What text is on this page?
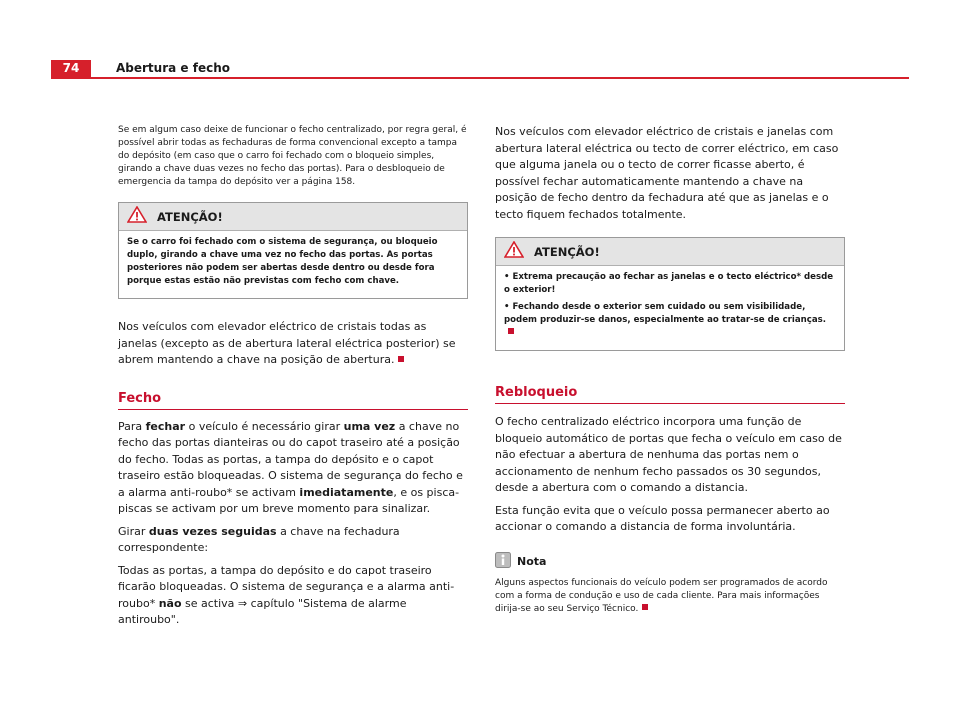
74	Abertura e fecho

Se em algum caso deixe de funcionar o fecho centralizado, por regra geral, é possível abrir todas as fechaduras de forma convencional excepto a tampa do depósito (em caso que o carro foi fechado com o bloqueio simples, girando a chave duas vezes no fecho das portas). Para o desbloqueio de emergencia da tampa do depósito ver a página 158.

ATENÇÃO!

Se o carro foi fechado com o sistema de segurança, ou bloqueio duplo, girando a chave uma vez no fecho das portas. As portas posteriores não podem ser abertas desde dentro ou desde fora porque estas estão não previstas com fecho com chave.

Nos veículos com elevador eléctrico de cristais todas as janelas (excepto as de abertura lateral eléctrica posterior) se abrem mantendo a chave na posição de abertura.

Fecho

Para fechar o veículo é necessário girar uma vez a chave no fecho das portas dianteiras ou do capot traseiro até a posição do fecho. Todas as portas, a tampa do depósito e o capot traseiro estão bloqueadas. O sistema de segurança do fecho e a alarma anti-roubo* se activam imediatamente, e os pisca-piscas se activam por um breve momento para sinalizar.

Girar duas vezes seguidas a chave na fechadura correspondente:

Todas as portas, a tampa do depósito e do capot traseiro ficarão bloqueadas. O sistema de segurança e a alarma anti-roubo* não se activa ⇒ capítulo "Sistema de alarme antiroubo".

Nos veículos com elevador eléctrico de cristais e janelas com abertura lateral eléctrica ou tecto de correr eléctrico, em caso que alguma janela ou o tecto de correr ficasse aberto, é possível fechar automaticamente mantendo a chave na posição de fecho dentro da fechadura até que as janelas e o tecto fiquem fechados totalmente.

ATENÇÃO!

• Extrema precaução ao fechar as janelas e o tecto eléctrico* desde o exterior!

• Fechando desde o exterior sem cuidado ou sem visibilidade, podem produzir-se danos, especialmente ao tratar-se de crianças.

Rebloqueio

O fecho centralizado eléctrico incorpora uma função de bloqueio automático de portas que fecha o veículo em caso de não efectuar a abertura de nenhuma das portas nem o accionamento de nenhum fecho passados os 30 segundos, desde a abertura com o comando a distancia.

Esta função evita que o veículo possa permanecer aberto ao accionar o comando a distancia de forma involuntária.

Nota

Alguns aspectos funcionais do veículo podem ser programados de acordo com a forma de condução e uso de cada cliente. Para mais informações dirija-se ao seu Serviço Técnico.
